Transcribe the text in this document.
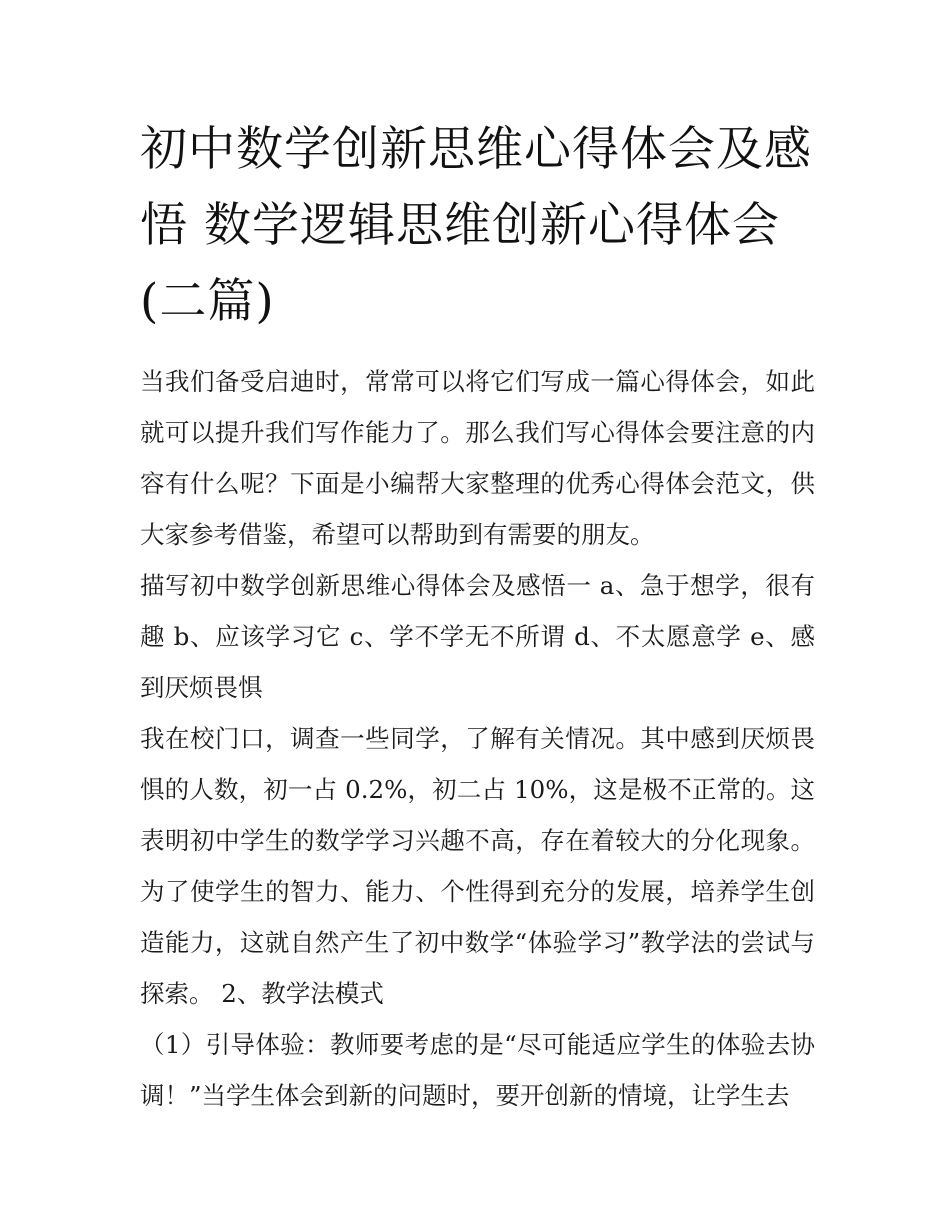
初中数学创新思维心得体会及感悟 数学逻辑思维创新心得体会(二篇)

当我们备受启迪时，常常可以将它们写成一篇心得体会，如此就可以提升我们写作能力了。那么我们写心得体会要注意的内容有什么呢？下面是小编帮大家整理的优秀心得体会范文，供大家参考借鉴，希望可以帮助到有需要的朋友。

描写初中数学创新思维心得体会及感悟一 a、急于想学，很有趣 b、应该学习它 c、学不学无不所谓 d、不太愿意学 e、感到厌烦畏惧

我在校门口，调查一些同学，了解有关情况。其中感到厌烦畏惧的人数，初一占 0.2%，初二占 10%，这是极不正常的。这表明初中学生的数学学习兴趣不高，存在着较大的分化现象。为了使学生的智力、能力、个性得到充分的发展，培养学生创造能力，这就自然产生了初中数学“体验学习”教学法的尝试与探索。 2、教学法模式

（1）引导体验：教师要考虑的是“尽可能适应学生的体验去协调！”当学生体会到新的问题时，要开创新的情境，让学生去
